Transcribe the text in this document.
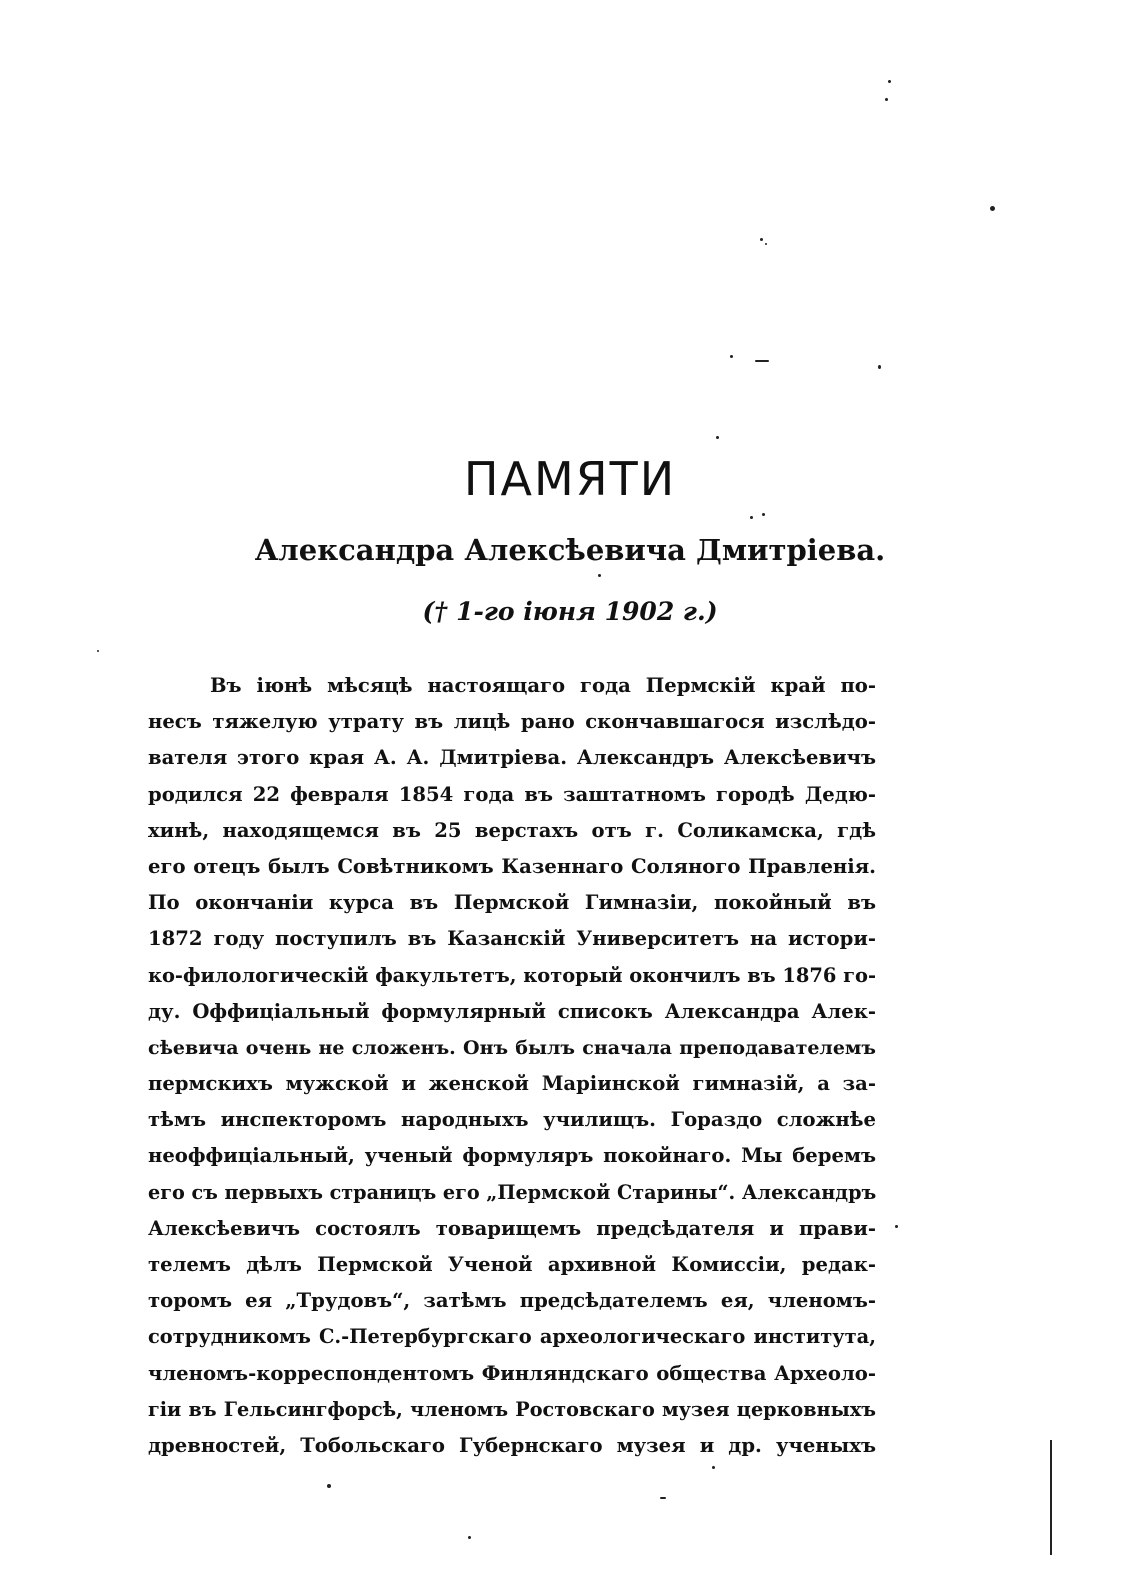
ПАМЯТИ
Александра Алексѣевича Дмитріева.
(† 1-го іюня 1902 г.)
Въ іюнѣ мѣсяцѣ настоящаго года Пермскій край по-
несъ тяжелую утрату въ лицѣ рано скончавшагося изслѣдо-
вателя этого края А. А. Дмитріева. Александръ Алексѣевичъ
родился 22 февраля 1854 года въ заштатномъ городѣ Дедю-
хинѣ, находящемся въ 25 верстахъ отъ г. Соликамска, гдѣ
его отецъ былъ Совѣтникомъ Казеннаго Соляного Правленія.
По окончаніи курса въ Пермской Гимназіи, покойный въ
1872 году поступилъ въ Казанскій Университетъ на истори-
ко-филологическій факультетъ, который окончилъ въ 1876 го-
ду. Оффиціальный формулярный списокъ Александра Алек-
сѣевича очень не сложенъ. Онъ былъ сначала преподавателемъ
пермскихъ мужской и женской Маріинской гимназій, а за-
тѣмъ инспекторомъ народныхъ училищъ. Гораздо сложнѣе
неоффиціальный, ученый формуляръ покойнаго. Мы беремъ
его съ первыхъ страницъ его „Пермской Старины“. Александръ
Алексѣевичъ состоялъ товарищемъ предсѣдателя и прави-
телемъ дѣлъ Пермской Ученой архивной Комиссіи, редак-
торомъ ея „Трудовъ“, затѣмъ предсѣдателемъ ея, членомъ-
сотрудникомъ С.-Петербургскаго археологическаго института,
членомъ-корреспондентомъ Финляндскаго общества Археоло-
гіи въ Гельсингфорсѣ, членомъ Ростовскаго музея церковныхъ
древностей, Тобольскаго Губернскаго музея и др. ученыхъ
